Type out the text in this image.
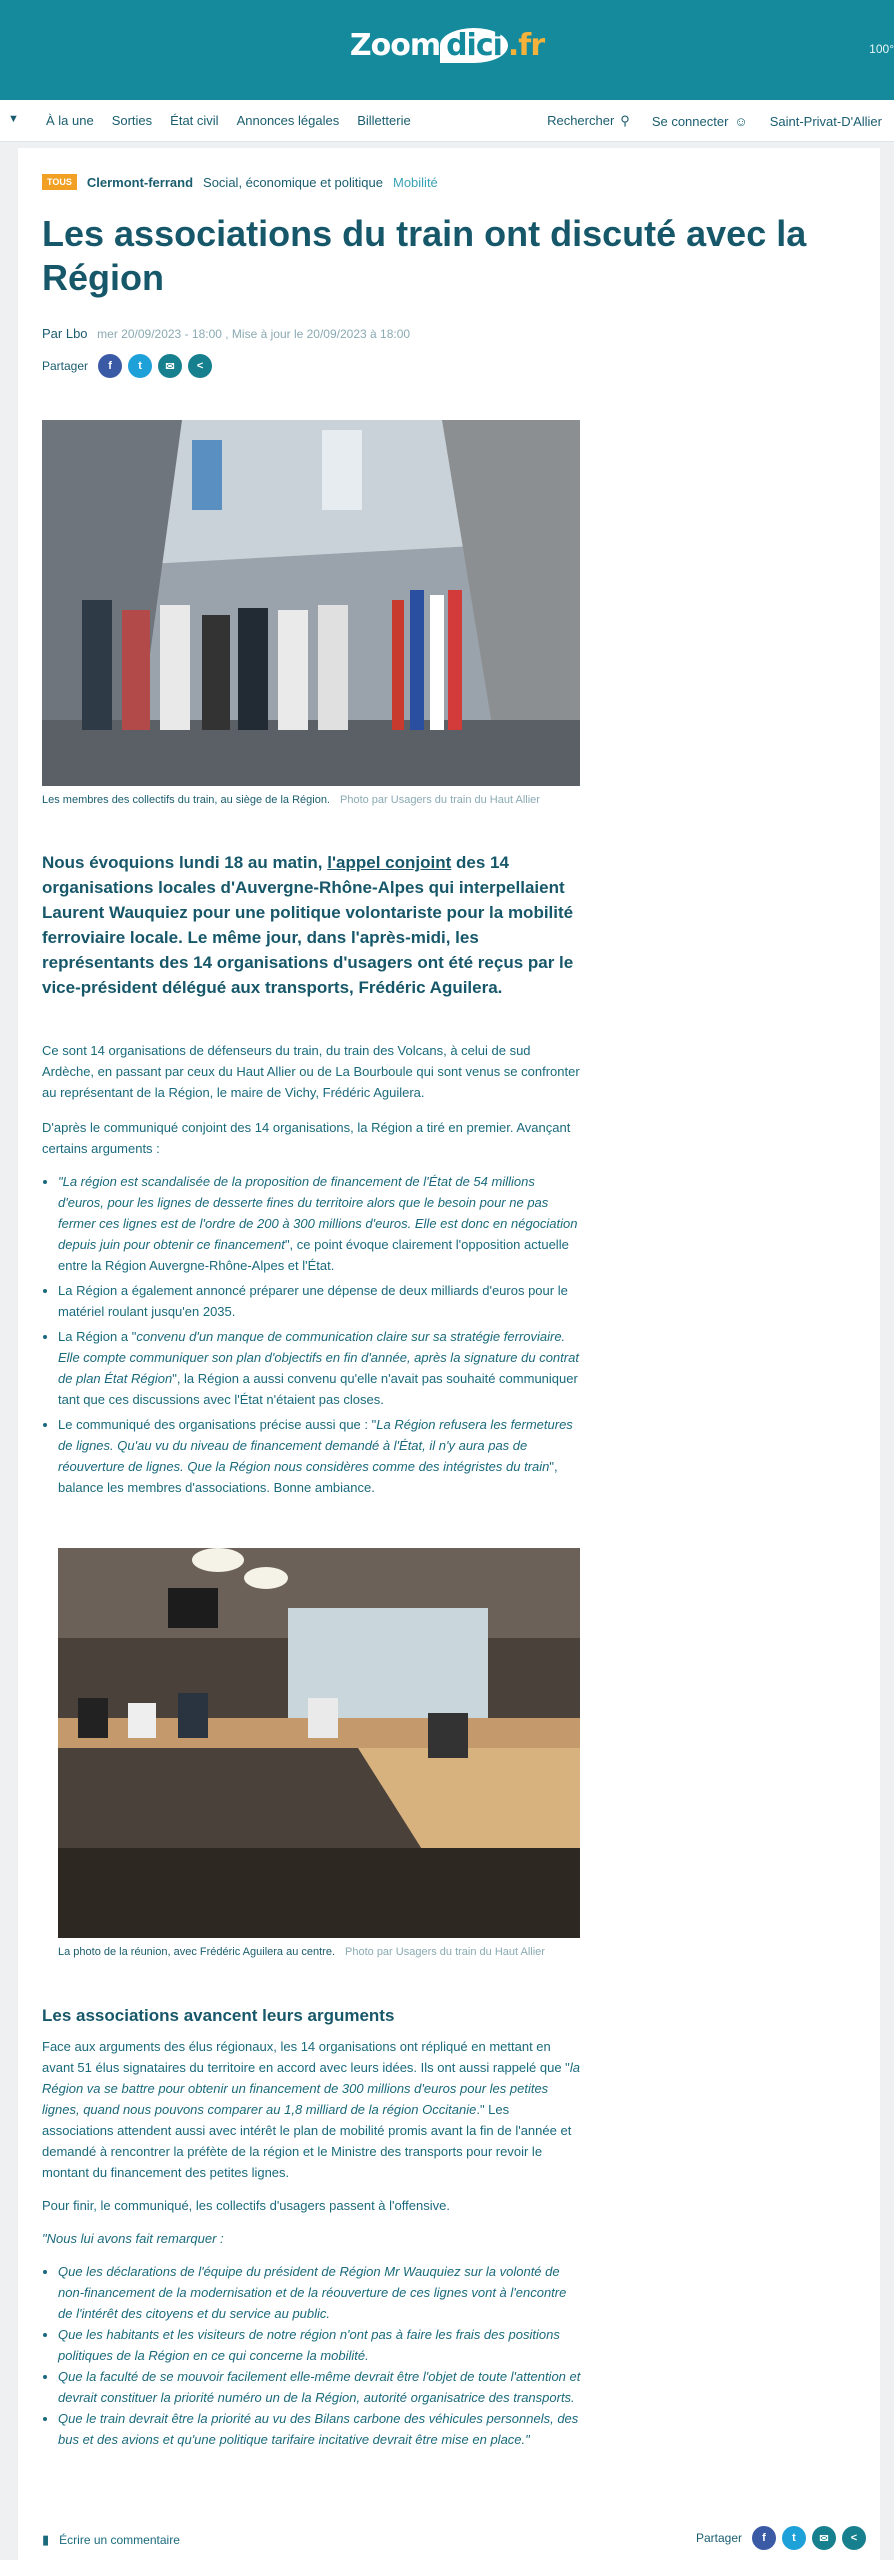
Zoom dici .fr	100°
▼ À la une Sorties État civil Annonces légales Billetterie	Rechercher ⚲ Se connecter ☺ Saint-Privat-D'Allier
TOUS	Clermont-ferrand Social, économique et politique Mobilité
Les associations du train ont discuté avec la Région
Par Lbo mer 20/09/2023 - 18:00 , Mise à jour le 20/09/2023 à 18:00
Partager	f	t	✉	<
Les membres des collectifs du train, au siège de la Région. Photo par Usagers du train du Haut Allier
Nous évoquions lundi 18 au matin, l'appel conjoint des 14 organisations locales d'Auvergne-Rhône-Alpes qui interpellaient Laurent Wauquiez pour une politique volontariste pour la mobilité ferroviaire locale. Le même jour, dans l'après-midi, les représentants des 14 organisations d'usagers ont été reçus par le vice-président délégué aux transports, Frédéric Aguilera.

Ce sont 14 organisations de défenseurs du train, du train des Volcans, à celui de sud Ardèche, en passant par ceux du Haut Allier ou de La Bourboule qui sont venus se confronter au représentant de la Région, le maire de Vichy, Frédéric Aguilera.

D'après le communiqué conjoint des 14 organisations, la Région a tiré en premier. Avançant certains arguments :

• "La région est scandalisée de la proposition de financement de l'État de 54 millions d'euros, pour les lignes de desserte fines du territoire alors que le besoin pour ne pas fermer ces lignes est de l'ordre de 200 à 300 millions d'euros. Elle est donc en négociation depuis juin pour obtenir ce financement", ce point évoque clairement l'opposition actuelle entre la Région Auvergne-Rhône-Alpes et l'État.
• La Région a également annoncé préparer une dépense de deux milliards d'euros pour le matériel roulant jusqu'en 2035.
• La Région a "convenu d'un manque de communication claire sur sa stratégie ferroviaire. Elle compte communiquer son plan d'objectifs en fin d'année, après la signature du contrat de plan État Région", la Région a aussi convenu qu'elle n'avait pas souhaité communiquer tant que ces discussions avec l'État n'étaient pas closes.
• Le communiqué des organisations précise aussi que : "La Région refusera les fermetures de lignes. Qu'au vu du niveau de financement demandé à l'État, il n'y aura pas de réouverture de lignes. Que la Région nous considères comme des intégristes du train", balance les membres d'associations. Bonne ambiance.
La photo de la réunion, avec Frédéric Aguilera au centre. Photo par Usagers du train du Haut Allier
Les associations avancent leurs arguments

Face aux arguments des élus régionaux, les 14 organisations ont répliqué en mettant en avant 51 élus signataires du territoire en accord avec leurs idées. Ils ont aussi rappelé que "la Région va se battre pour obtenir un financement de 300 millions d'euros pour les petites lignes, quand nous pouvons comparer au 1,8 milliard de la région Occitanie." Les associations attendent aussi avec intérêt le plan de mobilité promis avant la fin de l'année et demandé à rencontrer la préfète de la région et le Ministre des transports pour revoir le montant du financement des petites lignes.

Pour finir, le communiqué, les collectifs d'usagers passent à l'offensive.

"Nous lui avons fait remarquer :

• Que les déclarations de l'équipe du président de Région Mr Wauquiez sur la volonté de non-financement de la modernisation et de la réouverture de ces lignes vont à l'encontre de l'intérêt des citoyens et du service au public.
• Que les habitants et les visiteurs de notre région n'ont pas à faire les frais des positions politiques de la Région en ce qui concerne la mobilité.
• Que la faculté de se mouvoir facilement elle-même devrait être l'objet de toute l'attention et devrait constituer la priorité numéro un de la Région, autorité organisatrice des transports.
• Que le train devrait être la priorité au vu des Bilans carbone des véhicules personnels, des bus et des avions et qu'une politique tarifaire incitative devrait être mise en place."
▮ Écrire un commentaire	Partager	f	t	✉	<
